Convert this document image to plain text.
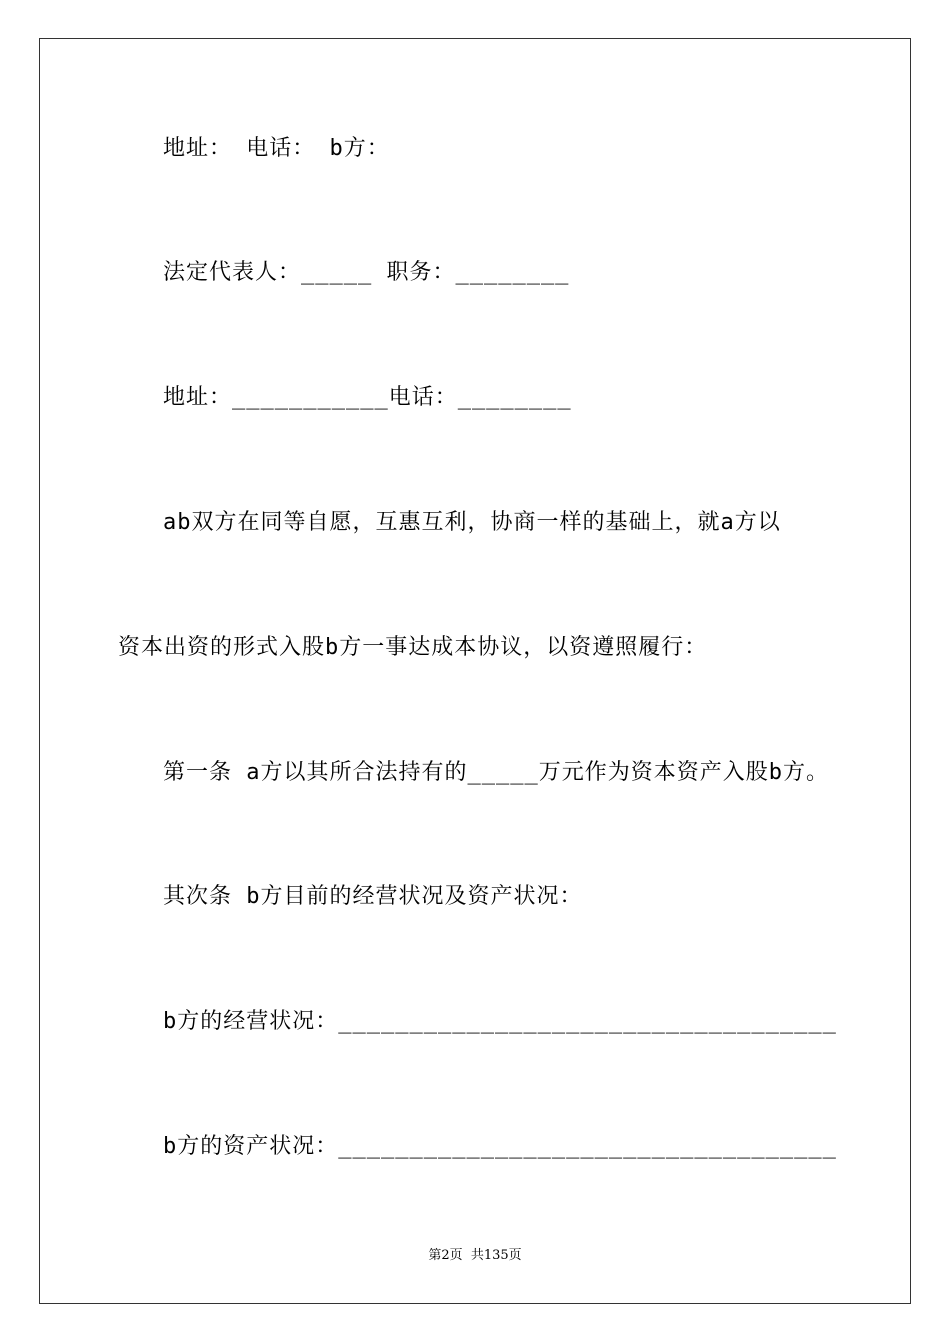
地址： 电话： b方：
法定代表人：_____ 职务：________
地址：___________电话：________
ab双方在同等自愿，互惠互利，协商一样的基础上，就a方以
资本出资的形式入股b方一事达成本协议，以资遵照履行：
第一条 a方以其所合法持有的_____万元作为资本资产入股b方。
其次条 b方目前的经营状况及资产状况：
b方的经营状况：___________________________________
b方的资产状况：___________________________________
第2页  共135页
